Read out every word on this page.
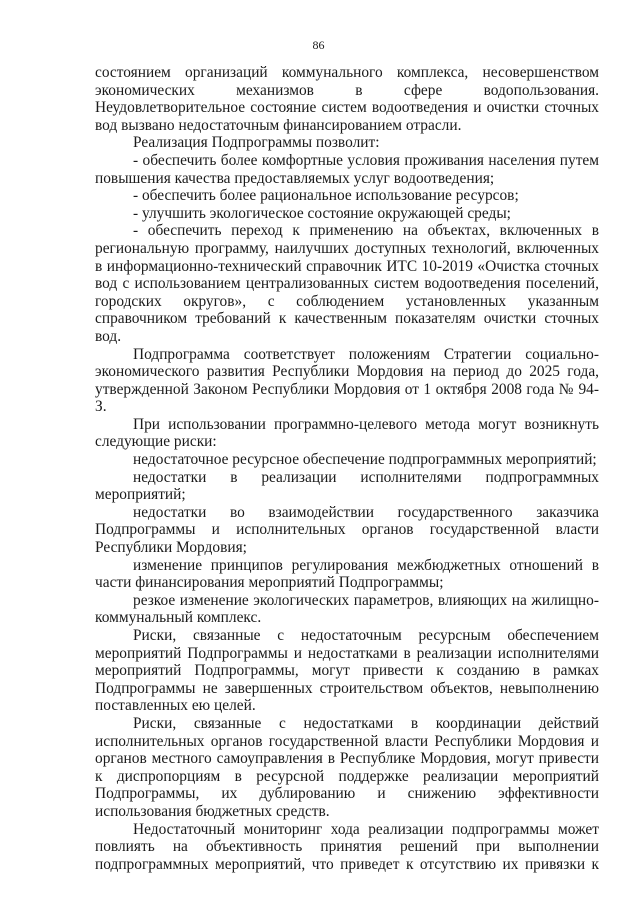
86

состоянием организаций коммунального комплекса, несовершенством экономических механизмов в сфере водопользования. Неудовлетворительное состояние систем водоотведения и очистки сточных вод вызвано недостаточным финансированием отрасли.

Реализация Подпрограммы позволит:

- обеспечить более комфортные условия проживания населения путем повышения качества предоставляемых услуг водоотведения;

- обеспечить более рациональное использование ресурсов;

- улучшить экологическое состояние окружающей среды;

- обеспечить переход к применению на объектах, включенных в региональную программу, наилучших доступных технологий, включенных в информационно-технический справочник ИТС 10-2019 «Очистка сточных вод с использованием централизованных систем водоотведения поселений, городских округов», с соблюдением установленных указанным справочником требований к качественным показателям очистки сточных вод.

Подпрограмма соответствует положениям Стратегии социально-экономического развития Республики Мордовия на период до 2025 года, утвержденной Законом Республики Мордовия от 1 октября 2008 года № 94-З.

При использовании программно-целевого метода могут возникнуть следующие риски:

недостаточное ресурсное обеспечение подпрограммных мероприятий;

недостатки в реализации исполнителями подпрограммных мероприятий;

недостатки во взаимодействии государственного заказчика Подпрограммы и исполнительных органов государственной власти Республики Мордовия;

изменение принципов регулирования межбюджетных отношений в части финансирования мероприятий Подпрограммы;

резкое изменение экологических параметров, влияющих на жилищно-коммунальный комплекс.

Риски, связанные с недостаточным ресурсным обеспечением мероприятий Подпрограммы и недостатками в реализации исполнителями мероприятий Подпрограммы, могут привести к созданию в рамках Подпрограммы не завершенных строительством объектов, невыполнению поставленных ею целей.

Риски, связанные с недостатками в координации действий исполнительных органов государственной власти Республики Мордовия и органов местного самоуправления в Республике Мордовия, могут привести к диспропорциям в ресурсной поддержке реализации мероприятий Подпрограммы, их дублированию и снижению эффективности использования бюджетных средств.

Недостаточный мониторинг хода реализации подпрограммы может повлиять на объективность принятия решений при выполнении подпрограммных мероприятий, что приведет к отсутствию их привязки к
